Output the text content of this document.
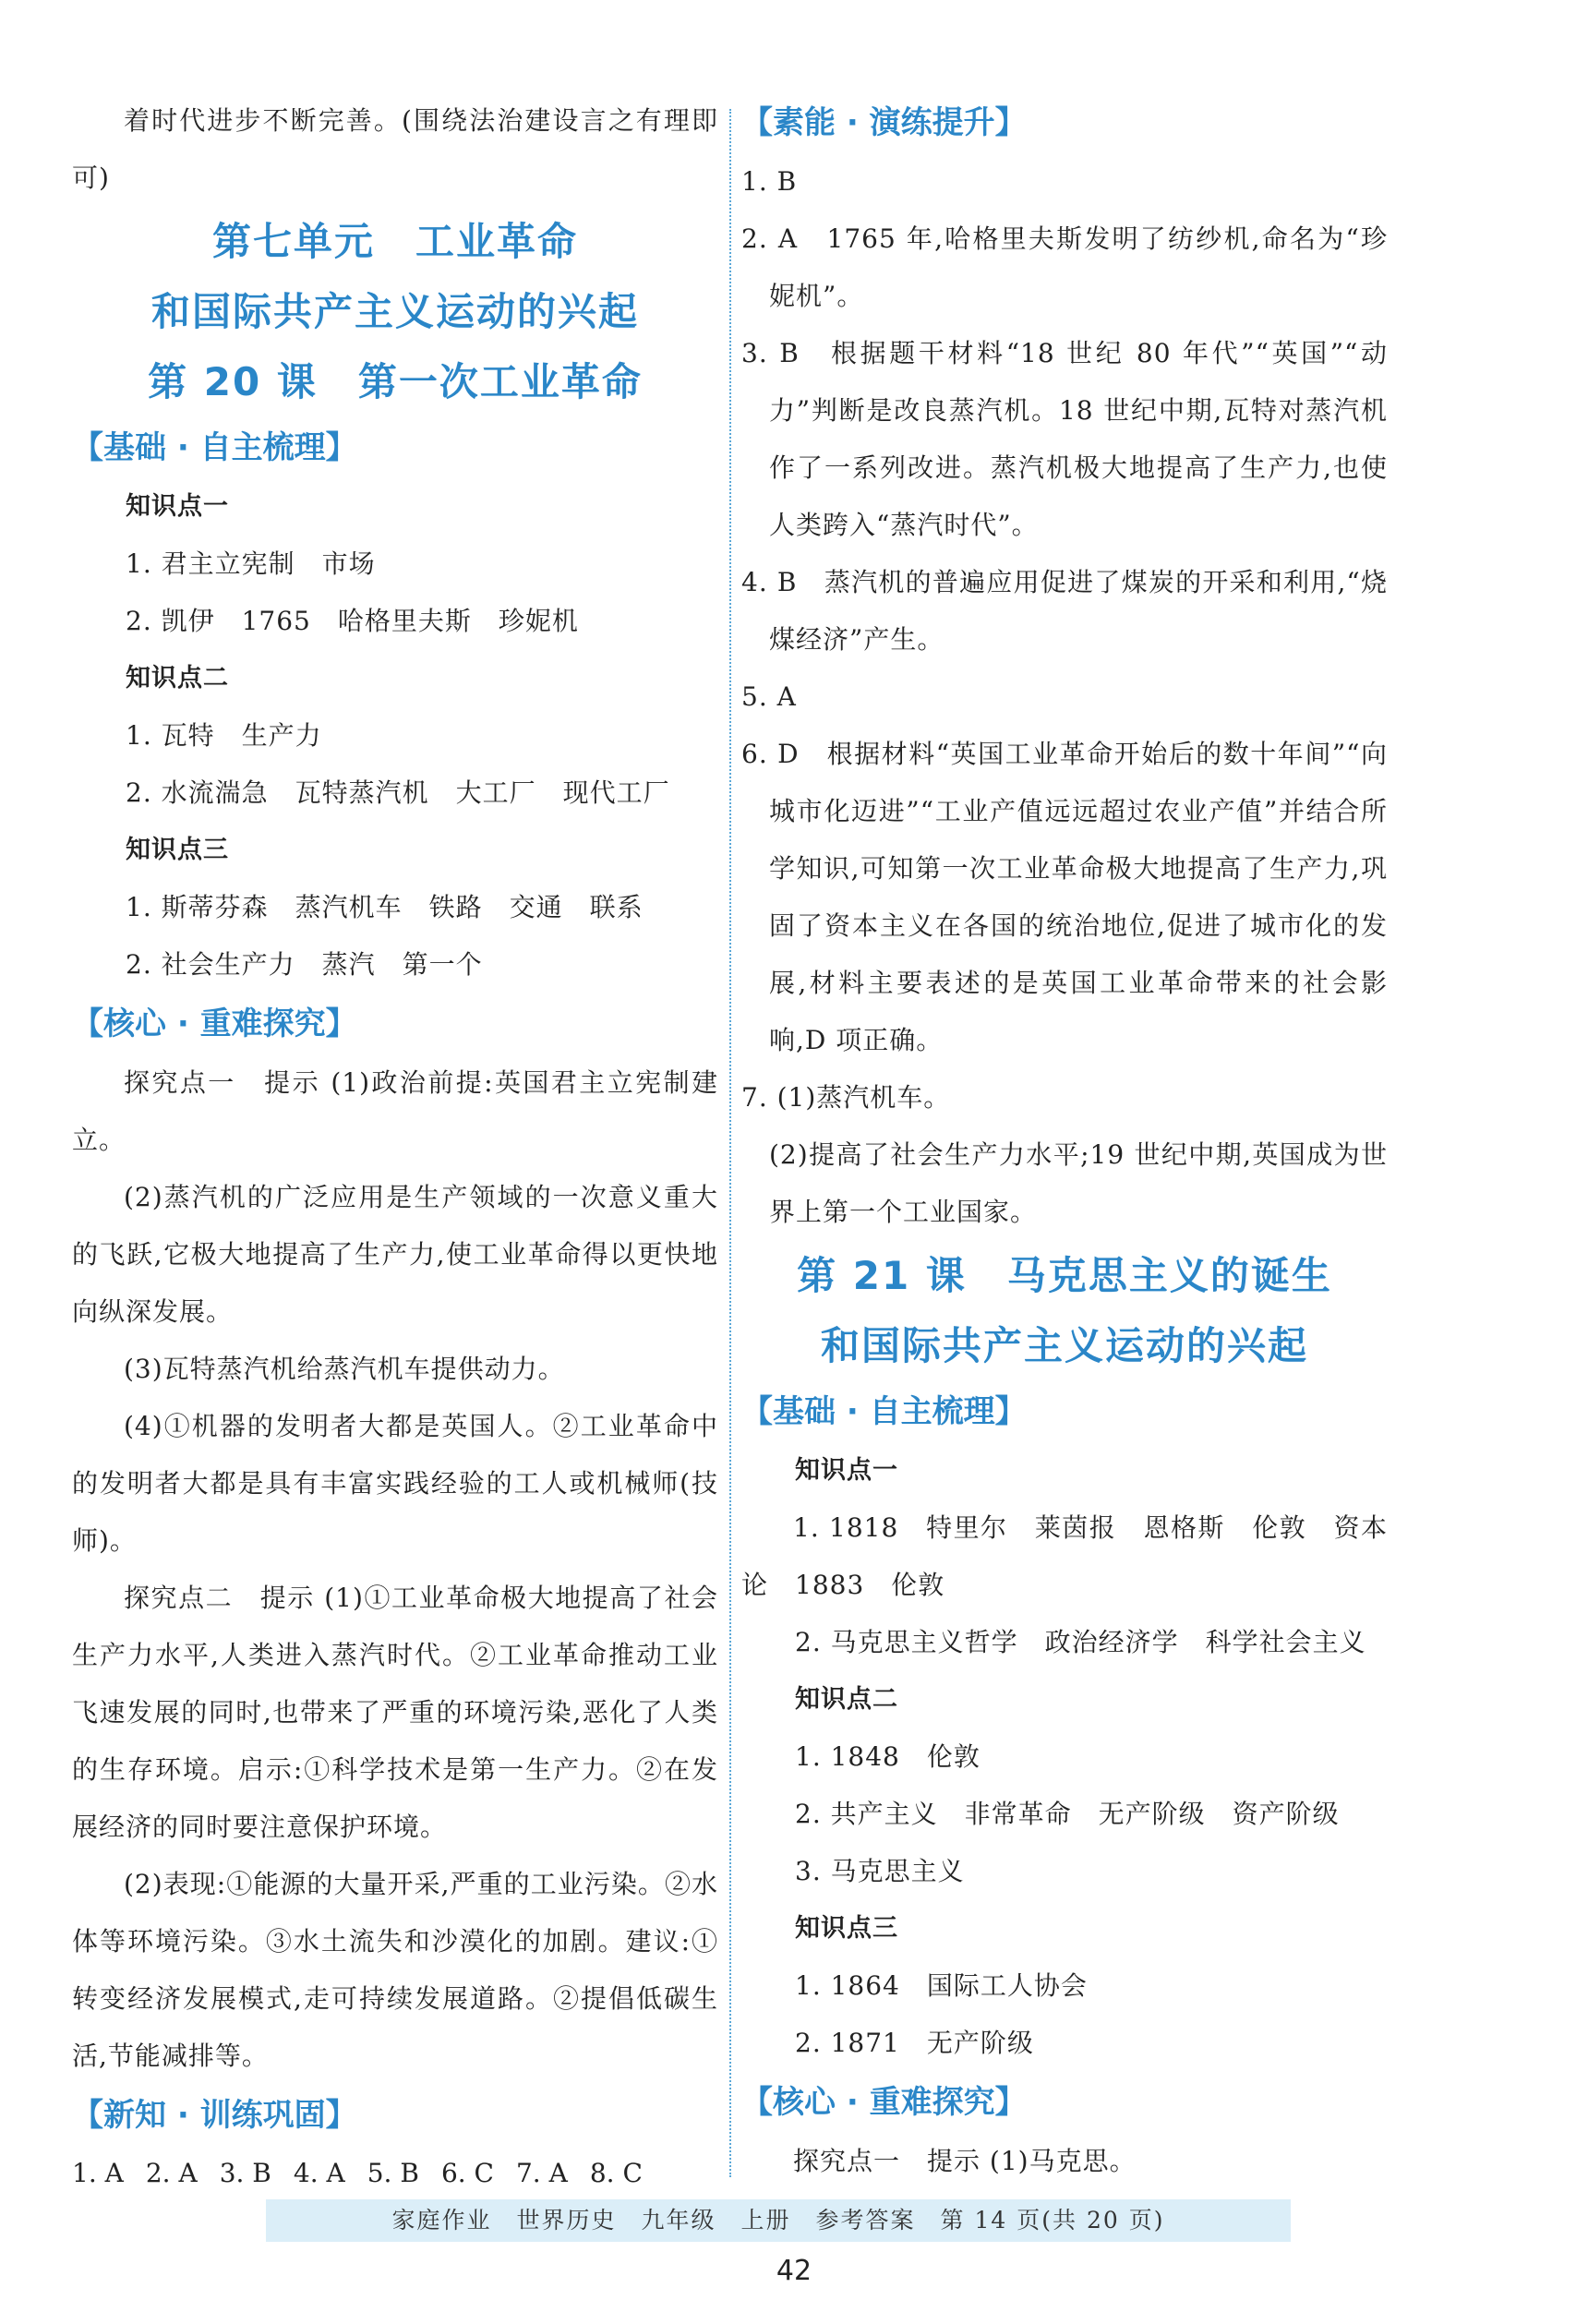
着时代进步不断完善。(围绕法治建设言之有理即可)

第七单元　工业革命

和国际共产主义运动的兴起

第 20 课　第一次工业革命

【基础 · 自主梳理】

知识点一

1. 君主立宪制　市场

2. 凯伊　1765　哈格里夫斯　珍妮机

知识点二

1. 瓦特　生产力

2. 水流湍急　瓦特蒸汽机　大工厂　现代工厂

知识点三

1. 斯蒂芬森　蒸汽机车　铁路　交通　联系

2. 社会生产力　蒸汽　第一个

【核心 · 重难探究】

探究点一　提示 (1)政治前提:英国君主立宪制建立。

(2)蒸汽机的广泛应用是生产领域的一次意义重大的飞跃,它极大地提高了生产力,使工业革命得以更快地向纵深发展。

(3)瓦特蒸汽机给蒸汽机车提供动力。

(4)①机器的发明者大都是英国人。②工业革命中的发明者大都是具有丰富实践经验的工人或机械师(技师)。

探究点二　提示 (1)①工业革命极大地提高了社会生产力水平,人类进入蒸汽时代。②工业革命推动工业飞速发展的同时,也带来了严重的环境污染,恶化了人类的生存环境。启示:①科学技术是第一生产力。②在发展经济的同时要注意保护环境。

(2)表现:①能源的大量开采,严重的工业污染。②水体等环境污染。③水土流失和沙漠化的加剧。建议:①转变经济发展模式,走可持续发展道路。②提倡低碳生活,节能减排等。

【新知 · 训练巩固】

1. A 2. A 3. B 4. A 5. B 6. C 7. A 8. C

【素能 · 演练提升】

1. B

2. A　1765 年,哈格里夫斯发明了纺纱机,命名为“珍妮机”。

3. B　根据题干材料“18 世纪 80 年代”“英国”“动力”判断是改良蒸汽机。18 世纪中期,瓦特对蒸汽机作了一系列改进。蒸汽机极大地提高了生产力,也使人类跨入“蒸汽时代”。

4. B　蒸汽机的普遍应用促进了煤炭的开采和利用,“烧煤经济”产生。

5. A

6. D　根据材料“英国工业革命开始后的数十年间”“向城市化迈进”“工业产值远远超过农业产值”并结合所学知识,可知第一次工业革命极大地提高了生产力,巩固了资本主义在各国的统治地位,促进了城市化的发展,材料主要表述的是英国工业革命带来的社会影响,D 项正确。

7. (1)蒸汽机车。

(2)提高了社会生产力水平;19 世纪中期,英国成为世界上第一个工业国家。

第 21 课　马克思主义的诞生

和国际共产主义运动的兴起

【基础 · 自主梳理】

知识点一

1. 1818　特里尔　莱茵报　恩格斯　伦敦　资本论　1883　伦敦

2. 马克思主义哲学　政治经济学　科学社会主义

知识点二

1. 1848　伦敦

2. 共产主义　非常革命　无产阶级　资产阶级

3. 马克思主义

知识点三

1. 1864　国际工人协会

2. 1871　无产阶级

【核心 · 重难探究】

探究点一　提示 (1)马克思。

家庭作业　世界历史　九年级　上册　参考答案　第 14 页(共 20 页)
42
